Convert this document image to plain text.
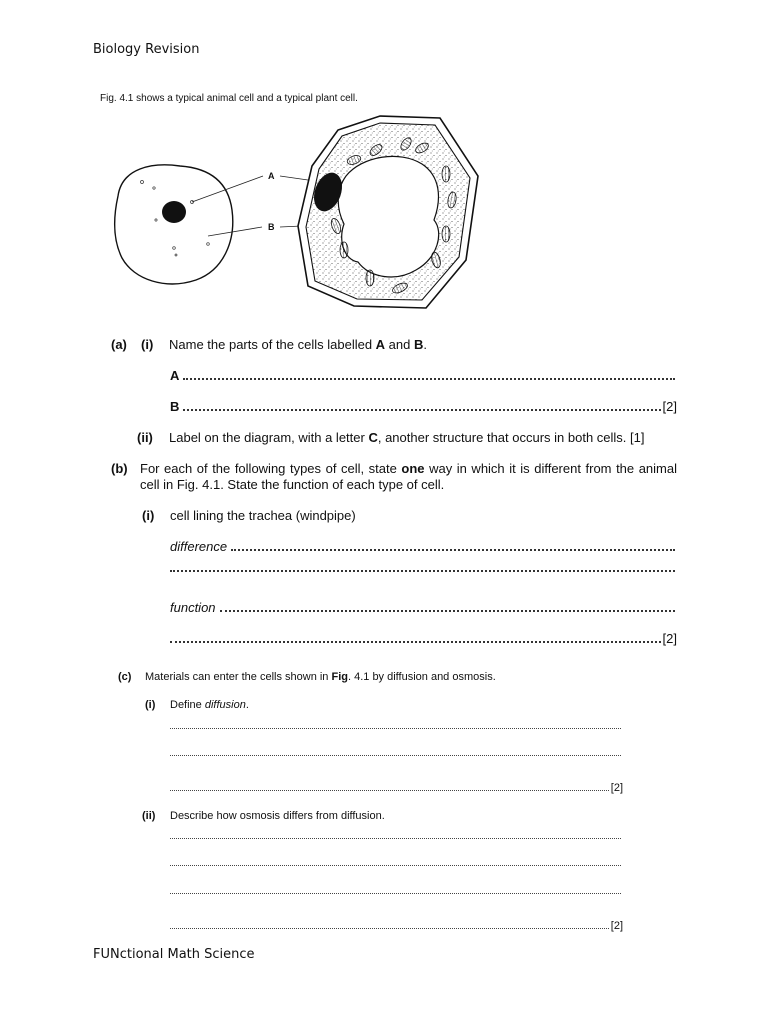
Biology Revision
Fig. 4.1 shows a typical animal cell and a typical plant cell.
A
B
(a)	(i)	Name the parts of the cells labelled A and B .
A
B	[2]
(ii)	Label on the diagram, with a letter C , another structure that occurs in both cells. [1]
(b) For each of the following types of cell, state one way in which it is different from the animal cell in Fig. 4.1. State the function of each type of cell.
(i)	cell lining the trachea (windpipe)
difference
function
[2]
(c)	Materials can enter the cells shown in Fig . 4.1 by diffusion and osmosis.
(i)	Define diffusion .
[2]
(ii)	Describe how osmosis differs from diffusion.
[2]
FUNctional Math Science
